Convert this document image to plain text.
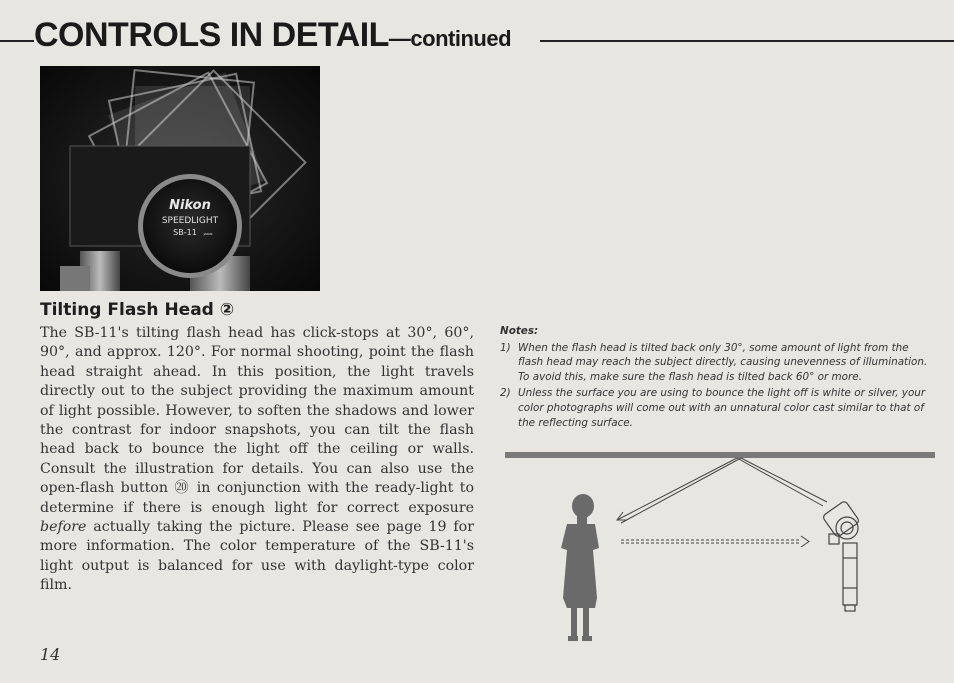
CONTROLS IN DETAIL—continued
Nikon
SPEEDLIGHT
SB-11	JAPAN
Tilting Flash Head ②
The SB-11's tilting flash head has click-stops at 30°, 60°, 90°, and approx. 120°. For normal shooting, point the flash head straight ahead. In this position, the light travels directly out to the subject providing the maximum amount of light possible. However, to soften the shadows and lower the contrast for indoor snapshots, you can tilt the flash head back to bounce the light off the ceiling or walls. Consult the illustration for details. You can also use the open-flash button ⑳ in conjunction with the ready-light to determine if there is enough light for correct exposure before actually taking the picture. Please see page 19 for more information. The color temperature of the SB-11's light output is balanced for use with daylight-type color film.
Notes:
1) When the flash head is tilted back only 30°, some amount of light from the flash head may reach the subject directly, causing unevenness of illumination. To avoid this, make sure the flash head is tilted back 60° or more.
2) Unless the surface you are using to bounce the light off is white or silver, your color photographs will come out with an unnatural color cast similar to that of the reflecting surface.
14
